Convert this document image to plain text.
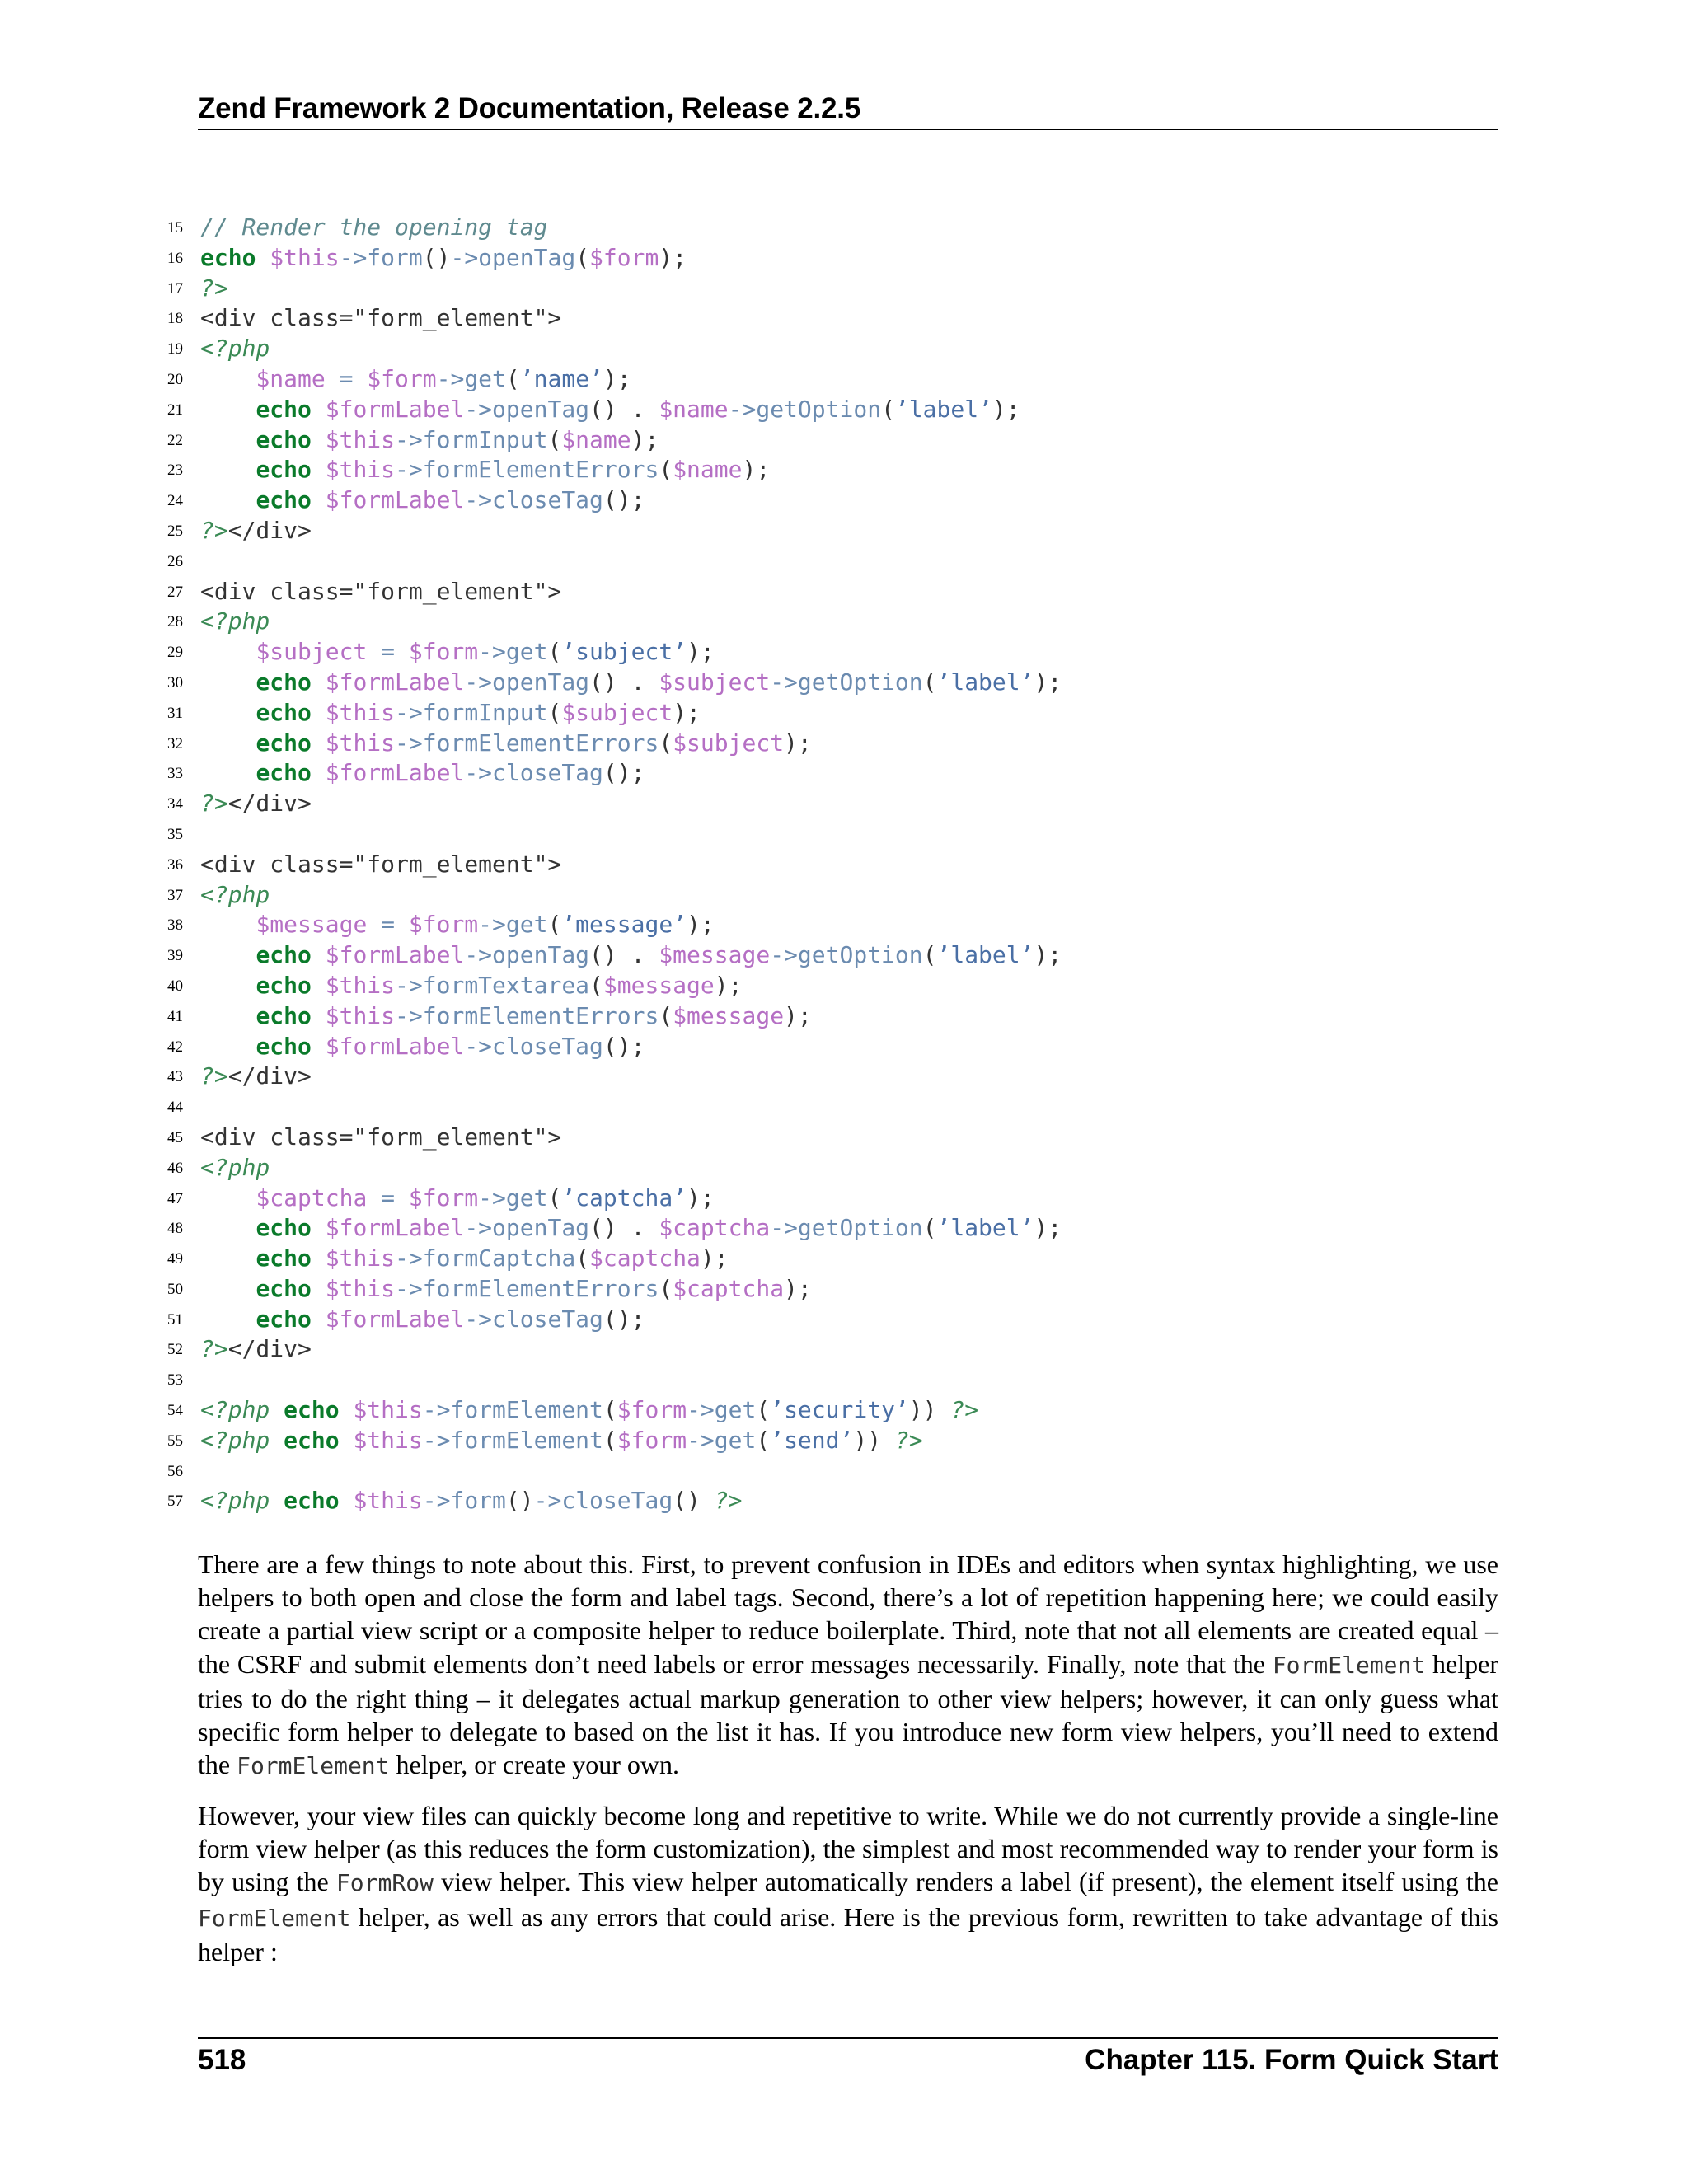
Zend Framework 2 Documentation, Release 2.2.5
15 // Render the opening tag
16 echo $this->form()->openTag($form);
17 ?>
18 <div class="form_element">
19 <?php
20	$name = $form->get(’name’);
21	echo $formLabel->openTag() . $name->getOption(’label’);
22	echo $this->formInput($name);
23	echo $this->formElementErrors($name);
24	echo $formLabel->closeTag();
25 ?></div>
26
27 <div class="form_element">
28 <?php
29	$subject = $form->get(’subject’);
30	echo $formLabel->openTag() . $subject->getOption(’label’);
31	echo $this->formInput($subject);
32	echo $this->formElementErrors($subject);
33	echo $formLabel->closeTag();
34 ?></div>
35
36 <div class="form_element">
37 <?php
38	$message = $form->get(’message’);
39	echo $formLabel->openTag() . $message->getOption(’label’);
40	echo $this->formTextarea($message);
41	echo $this->formElementErrors($message);
42	echo $formLabel->closeTag();
43 ?></div>
44
45 <div class="form_element">
46 <?php
47	$captcha = $form->get(’captcha’);
48	echo $formLabel->openTag() . $captcha->getOption(’label’);
49	echo $this->formCaptcha($captcha);
50	echo $this->formElementErrors($captcha);
51	echo $formLabel->closeTag();
52 ?></div>
53
54 <?php echo $this->formElement($form->get(’security’)) ?>
55 <?php echo $this->formElement($form->get(’send’)) ?>
56
57 <?php echo $this->form()->closeTag() ?>
There are a few things to note about this. First, to prevent confusion in IDEs and editors when syntax highlighting, we use helpers to both open and close the form and label tags. Second, there’s a lot of repetition happening here; we could easily create a partial view script or a composite helper to reduce boilerplate. Third, note that not all elements are created equal – the CSRF and submit elements don’t need labels or error messages necessarily. Finally, note that the FormElement helper tries to do the right thing – it delegates actual markup generation to other view helpers; however, it can only guess what specific form helper to delegate to based on the list it has. If you introduce new form view helpers, you’ll need to extend the FormElement helper, or create your own.
However, your view files can quickly become long and repetitive to write. While we do not currently provide a single-line form view helper (as this reduces the form customization), the simplest and most recommended way to render your form is by using the FormRow view helper. This view helper automatically renders a label (if present), the element itself using the FormElement helper, as well as any errors that could arise. Here is the previous form, rewritten to take advantage of this helper :
518	Chapter 115. Form Quick Start
